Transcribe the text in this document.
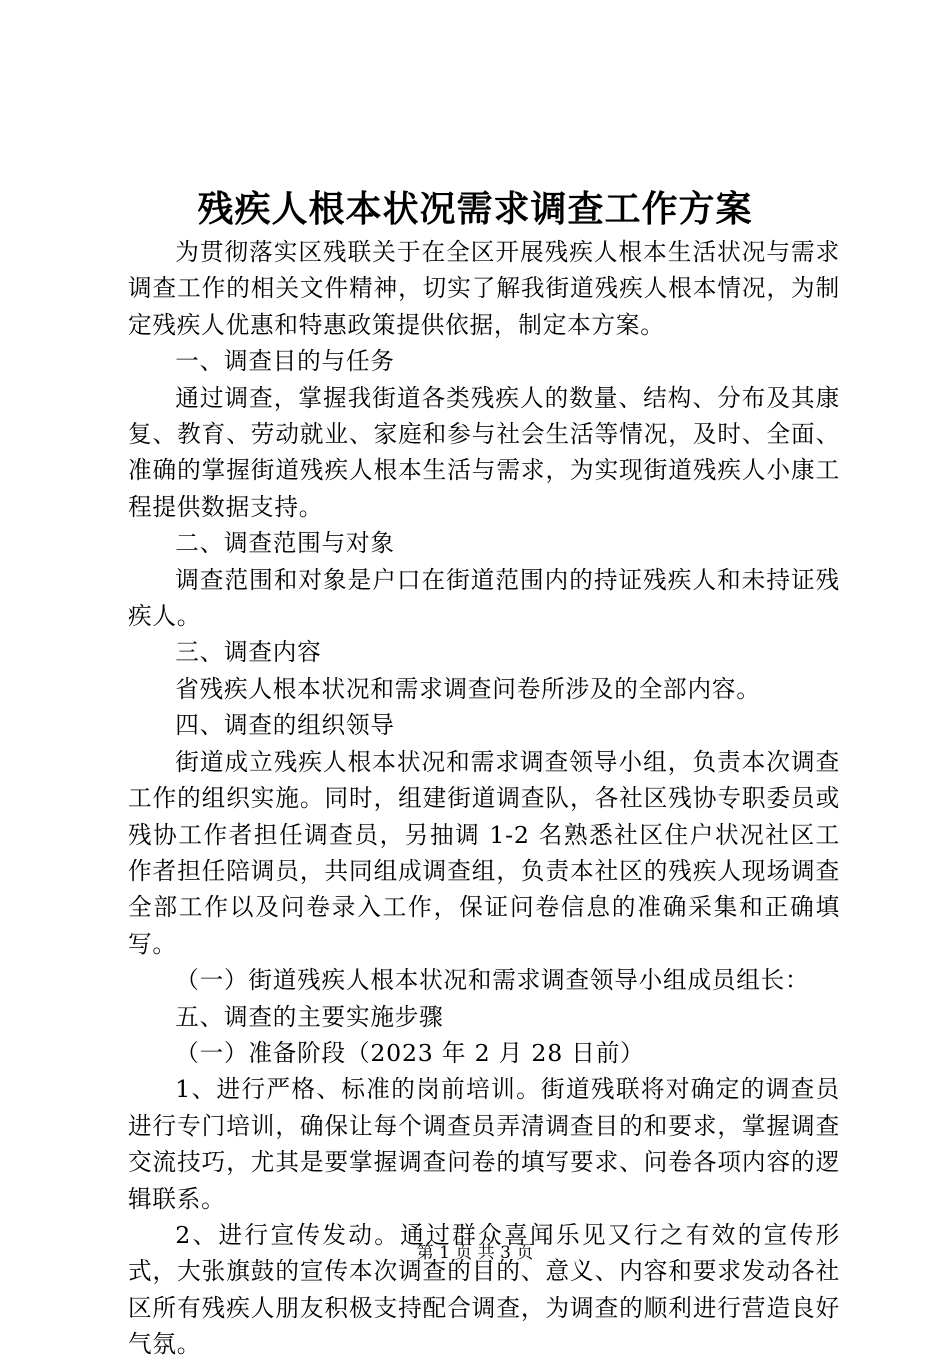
残疾人根本状况需求调查工作方案

为贯彻落实区残联关于在全区开展残疾人根本生活状况与需求调查工作的相关文件精神，切实了解我街道残疾人根本情况，为制定残疾人优惠和特惠政策提供依据，制定本方案。

一、调查目的与任务

通过调查，掌握我街道各类残疾人的数量、结构、分布及其康复、教育、劳动就业、家庭和参与社会生活等情况，及时、全面、准确的掌握街道残疾人根本生活与需求，为实现街道残疾人小康工程提供数据支持。

二、调查范围与对象

调查范围和对象是户口在街道范围内的持证残疾人和未持证残疾人。

三、调查内容

省残疾人根本状况和需求调查问卷所涉及的全部内容。

四、调查的组织领导

街道成立残疾人根本状况和需求调查领导小组，负责本次调查工作的组织实施。同时，组建街道调查队，各社区残协专职委员或残协工作者担任调查员，另抽调 1-2 名熟悉社区住户状况社区工作者担任陪调员，共同组成调查组，负责本社区的残疾人现场调查全部工作以及问卷录入工作，保证问卷信息的准确采集和正确填写。

（一）街道残疾人根本状况和需求调查领导小组成员组长：

五、调查的主要实施步骤

（一）准备阶段（2023 年 2 月 28 日前）

1、进行严格、标准的岗前培训。街道残联将对确定的调查员进行专门培训，确保让每个调查员弄清调查目的和要求，掌握调查交流技巧，尤其是要掌握调查问卷的填写要求、问卷各项内容的逻辑联系。

2、进行宣传发动。通过群众喜闻乐见又行之有效的宣传形式，大张旗鼓的宣传本次调查的目的、意义、内容和要求发动各社区所有残疾人朋友积极支持配合调查，为调查的顺利进行营造良好气氛。

第 1 页 共 3 页
